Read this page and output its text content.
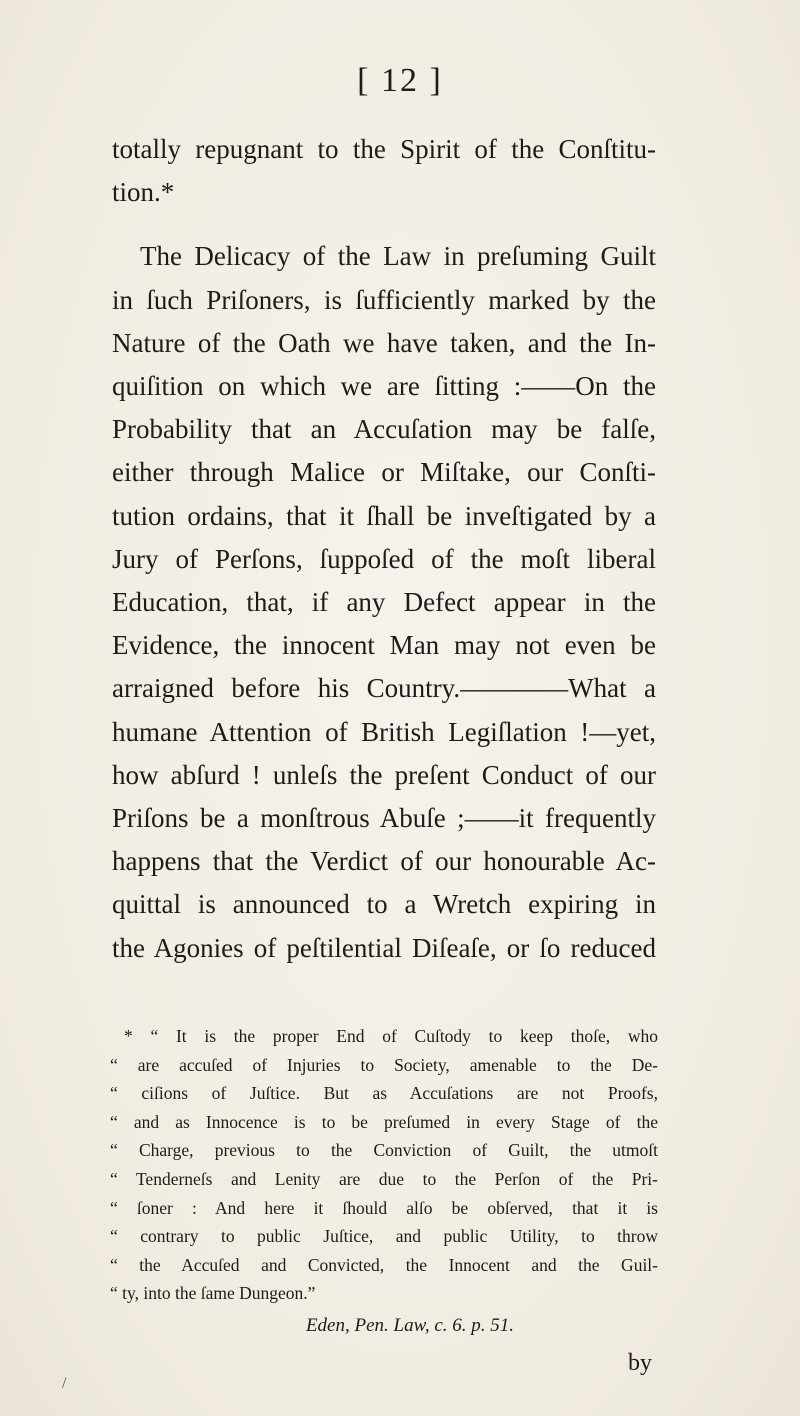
[ 12 ]
totally repugnant to the Spirit of the Conſtitu-
tion.*
The Delicacy of the Law in preſuming Guilt
in ſuch Priſoners, is ſufficiently marked by the
Nature of the Oath we have taken, and the In-
quiſition on which we are ſitting :——On the
Probability that an Accuſation may be falſe,
either through Malice or Miſtake, our Conſti-
tution ordains, that it ſhall be inveſtigated by a
Jury of Perſons, ſuppoſed of the moſt liberal
Education, that, if any Defect appear in the
Evidence, the innocent Man may not even be
arraigned before his Country.————What a
humane Attention of British Legiſlation !—yet,
how abſurd ! unleſs the preſent Conduct of our
Priſons be a monſtrous Abuſe ;——it frequently
happens that the Verdict of our honourable Ac-
quittal is announced to a Wretch expiring in
the Agonies of peſtilential Diſeaſe, or ſo reduced
* “ It is the proper End of Cuſtody to keep thoſe, who
“ are accuſed of Injuries to Society, amenable to the De-
“ ciſions of Juſtice. But as Accuſations are not Proofs,
“ and as Innocence is to be preſumed in every Stage of the
“ Charge, previous to the Conviction of Guilt, the utmoſt
“ Tenderneſs and Lenity are due to the Perſon of the Pri-
“ ſoner : And here it ſhould alſo be obſerved, that it is
“ contrary to public Juſtice, and public Utility, to throw
“ the Accuſed and Convicted, the Innocent and the Guil-
“ ty, into the ſame Dungeon.”
Eden, Pen. Law, c. 6. p. 51.
by
/
